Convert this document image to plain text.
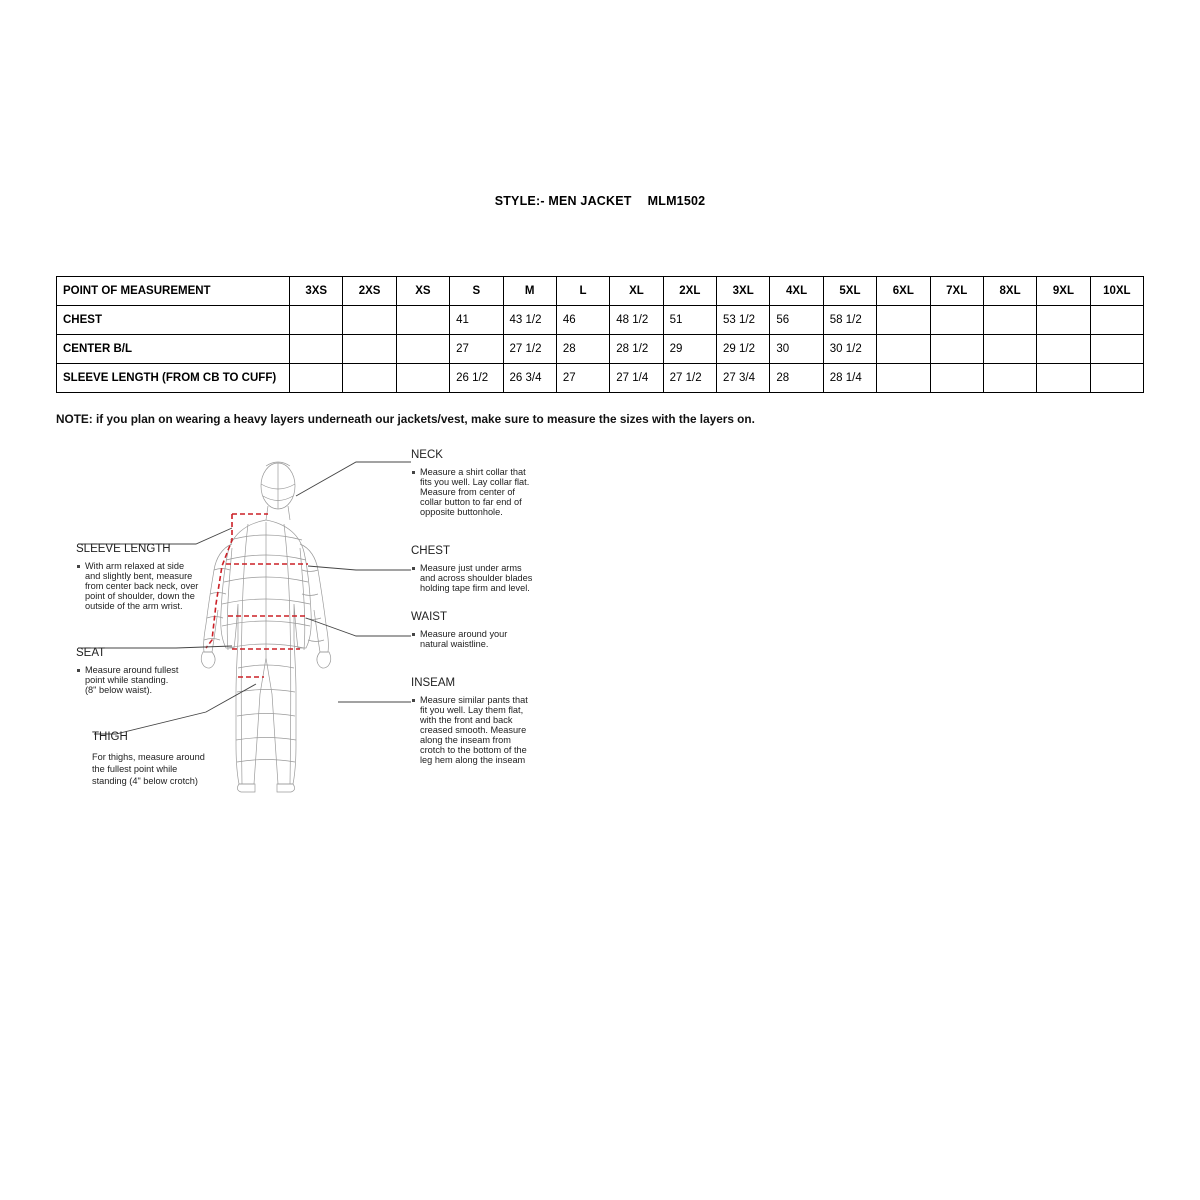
STYLE:- MEN JACKET MLM1502
POINT OF MEASUREMENT	3XS	2XS	XS	S	M	L	XL	2XL	3XL	4XL	5XL	6XL	7XL	8XL	9XL	10XL
CHEST				41	43 1/2	46	48 1/2	51	53 1/2	56	58 1/2					
CENTER B/L				27	27 1/2	28	28 1/2	29	29 1/2	30	30 1/2					
SLEEVE LENGTH (FROM CB TO CUFF)				26 1/2	26 3/4	27	27 1/4	27 1/2	27 3/4	28	28 1/4					
NOTE: if you plan on wearing a heavy layers underneath our jackets/vest, make sure to measure the sizes with the layers on.
NECK
Measure a shirt collar that
fits you well. Lay collar flat.
Measure from center of
collar button to far end of
opposite buttonhole.
SLEEVE LENGTH
With arm relaxed at side
and slightly bent, measure
from center back neck, over
point of shoulder, down the
outside of the arm wrist.
CHEST
Measure just under arms
and across shoulder blades
holding tape firm and level.
SEAT
Measure around fullest
point while standing.
(8" below waist).
WAIST
Measure around your
natural waistline.
THIGH
For thighs, measure around
the fullest point while
standing (4" below crotch)
INSEAM
Measure similar pants that
fit you well. Lay them flat,
with the front and back
creased smooth. Measure
along the inseam from
crotch to the bottom of the
leg hem along the inseam
